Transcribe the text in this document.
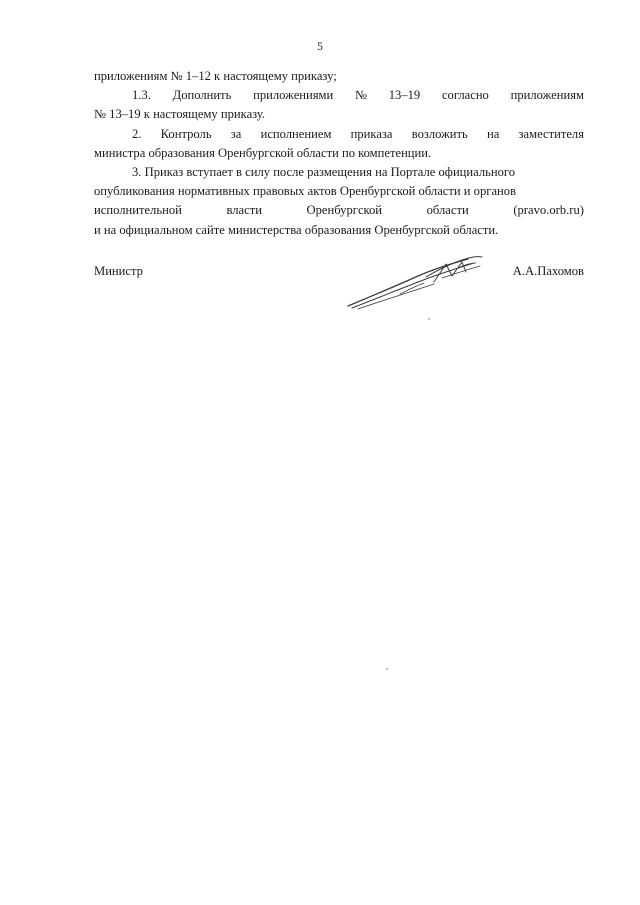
5
приложениям № 1–12 к настоящему приказу;
1.3. Дополнить приложениями № 13–19 согласно приложениям
№ 13–19 к настоящему приказу.
2. Контроль за исполнением приказа возложить на заместителя
министра образования Оренбургской области по компетенции.
3. Приказ вступает в силу после размещения на Портале официального
опубликования нормативных правовых актов Оренбургской области и органов
исполнительной	власти	Оренбургской	области	(pravo.orb.ru)
и на официальном сайте министерства образования Оренбургской области.
Министр	А.А.Пахомов
